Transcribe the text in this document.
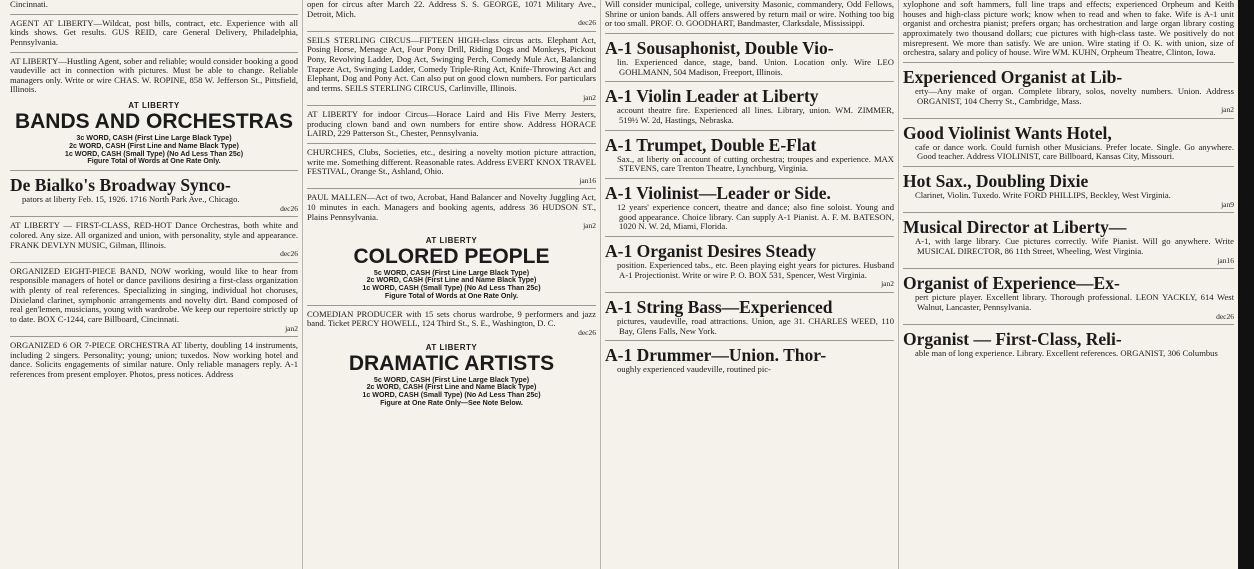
Cincinnati.

AGENT AT LIBERTY—Wildcat, post bills, contract, etc. Experience with all kinds shows. Get results. GUS REID, care General Delivery, Philadelphia, Pennsylvania.

AT LIBERTY—Hustling Agent, sober and reliable; would consider booking a good vaudeville act in connection with pictures. Must be able to change. Reliable managers only. Write or wire CHAS. W. ROPINE, 858 W. Jefferson St., Pittsfield, Illinois.

AT LIBERTY
BANDS AND ORCHESTRAS
3c WORD, CASH (First Line Large Black Type)
2c WORD, CASH (First Line and Name Black Type)
1c WORD, CASH (Small Type) (No Ad Less Than 25c)
Figure Total of Words at One Rate Only.
De Bialko's Broadway Synco-
pators at liberty Feb. 15, 1926. 1716 North Park Ave., Chicago.
dec26

AT LIBERTY — FIRST-CLASS, RED-HOT Dance Orchestras, both white and colored. Any size. All organized and union, with personality, style and appearance. FRANK DEVLYN MUSIC, Gilman, Illinois.

dec26

ORGANIZED EIGHT-PIECE BAND, NOW working, would like to hear from responsible managers of hotel or dance pavilions desiring a first-class organization with plenty of real references. Specializing in singing, individual hot choruses, Dixieland clarinet, symphonic arrangements and novelty dirt. Band composed of real gen'lemen, musicians, young with wardrobe. We keep our repertoire strictly up to date. BOX C-1244, care Billboard, Cincinnati.

jan2

ORGANIZED 6 OR 7-PIECE ORCHESTRA AT liberty, doubling 14 instruments, including 2 singers. Personality; young; union; tuxedos. Now working hotel and dance. Solicits engagements of similar nature. Only reliable managers reply. A-1 references from present employer. Photos, press notices. Address

open for circus after March 22. Address S. S. GEORGE, 1071 Military Ave., Detroit, Mich.

dec26

SEILS STERLING CIRCUS—FIFTEEN HIGH-class circus acts. Elephant Act, Posing Horse, Menage Act, Four Pony Drill, Riding Dogs and Monkeys, Pickout Pony, Revolving Ladder, Dog Act, Swinging Perch, Comedy Mule Act, Balancing Trapeze Act, Swinging Ladder, Comedy Triple-Ring Act, Knife-Throwing Act and Elephant, Dog and Pony Act. Can also put on good clown numbers. For particulars and terms. SEILS STERLING CIRCUS, Carlinville, Illinois.

jan2

AT LIBERTY for indoor Circus—Horace Laird and His Five Merry Jesters, producing clown band and own numbers for entire show. Address HORACE LAIRD, 229 Patterson St., Chester, Pennsylvania.

CHURCHES, Clubs, Societies, etc., desiring a novelty motion picture attraction, write me. Something different. Reasonable rates. Address EVERT KNOX TRAVEL FESTIVAL, Orange St., Ashland, Ohio.

jan16

PAUL MALLEN—Act of two, Acrobat, Hand Balancer and Novelty Juggling Act, 10 minutes in each. Managers and booking agents, address 36 HUDSON ST., Plains Pennsylvania.

jan2
AT LIBERTY
COLORED PEOPLE
5c WORD, CASH (First Line Large Black Type)
2c WORD, CASH (First Line and Name Black Type)
1c WORD, CASH (Small Type) (No Ad Less Than 25c)
Figure Total of Words at One Rate Only.

COMEDIAN PRODUCER with 15 sets chorus wardrobe, 9 performers and jazz band. Ticket PERCY HOWELL, 124 Third St., S. E., Washington, D. C.

dec26
AT LIBERTY
DRAMATIC ARTISTS
5c WORD, CASH (First Line Large Black Type)
2c WORD, CASH (First Line and Name Black Type)
1c WORD, CASH (Small Type) (No Ad Less Than 25c)
Figure at One Rate Only—See Note Below.

Will consider municipal, college, university Masonic, commandery, Odd Fellows, Shrine or union bands. All offers answered by return mail or wire. Nothing too big or too small. PROF. O. GOODHART, Bandmaster, Clarksdale, Mississippi.

A-1 Sousaphonist, Double Vio-
lin. Experienced dance, stage, band. Union. Location only. Wire LEO GOHLMANN, 504 Madison, Freeport, Illinois.
A-1 Violin Leader at Liberty
account theatre fire. Experienced all lines. Library, union. WM. ZIMMER, 519½ W. 2d, Hastings, Nebraska.
A-1 Trumpet, Double E-Flat
Sax., at liberty on account of cutting orchestra; troupes and experience. MAX STEVENS, care Trenton Theatre, Lynchburg, Virginia.
A-1 Violinist—Leader or Side.
12 years' experience concert, theatre and dance; also fine soloist. Young and good appearance. Choice library. Can supply A-1 Pianist. A. F. M. BATESON, 1020 N. W. 2d, Miami, Florida.
A-1 Organist Desires Steady
position. Experienced tabs., etc. Been playing eight years for pictures. Husband A-1 Projectionist. Write or wire P. O. BOX 531, Spencer, West Virginia.
jan2
A-1 String Bass—Experienced
pictures, vaudeville, road attractions. Union, age 31. CHARLES WEED, 110 Bay, Glens Falls, New York.
A-1 Drummer—Union. Thor-
oughly experienced vaudeville, routined pic-

xylophone and soft hammers, full line traps and effects; experienced Orpheum and Keith houses and high-class picture work; know when to read and when to fake. Wife is A-1 unit organist and orchestra pianist; prefers organ; has orchestration and large organ library costing approximately two thousand dollars; cue pictures with high-class taste. We positively do not misrepresent. We more than satisfy. We are union. Wire stating if O. K. with union, size of orchestra, salary and policy of house. Wire WM. KUHN, Orpheum Theatre, Clinton, Iowa.

Experienced Organist at Lib-
erty—Any make of organ. Complete library, solos, novelty numbers. Union. Address ORGANIST, 104 Cherry St., Cambridge, Mass.
jan2
Good Violinist Wants Hotel,
cafe or dance work. Could furnish other Musicians. Prefer locate. Single. Go anywhere. Good teacher. Address VIOLINIST, care Billboard, Kansas City, Missouri.
Hot Sax., Doubling Dixie
Clarinet, Violin. Tuxedo. Write FORD PHILLIPS, Beckley, West Virginia.
jan9
Musical Director at Liberty—
A-1, with large library. Cue pictures correctly. Wife Pianist. Will go anywhere. Write MUSICAL DIRECTOR, 86 11th Street, Wheeling, West Virginia.
jan16
Organist of Experience—Ex-
pert picture player. Excellent library. Thorough professional. LEON YACKLY, 614 West Walnut, Lancaster, Pennsylvania.
dec26
Organist — First-Class, Reli-
able man of long experience. Library. Excellent references. ORGANIST, 306 Columbus
